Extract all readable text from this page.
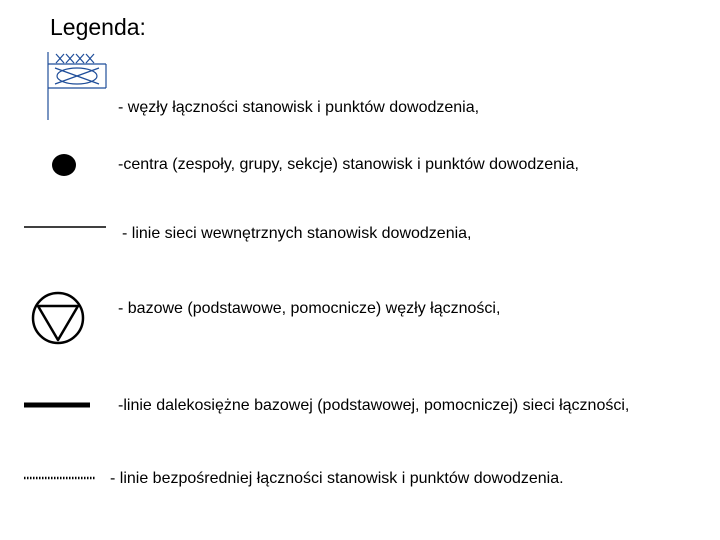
Legenda:
- węzły łączności stanowisk i punktów dowodzenia,
-centra (zespoły, grupy, sekcje) stanowisk i punktów dowodzenia,
- linie sieci wewnętrznych stanowisk dowodzenia,
- bazowe (podstawowe, pomocnicze) węzły łączności,
-linie dalekosiężne bazowej (podstawowej, pomocniczej) sieci łączności,
- linie bezpośredniej łączności stanowisk i punktów dowodzenia.
